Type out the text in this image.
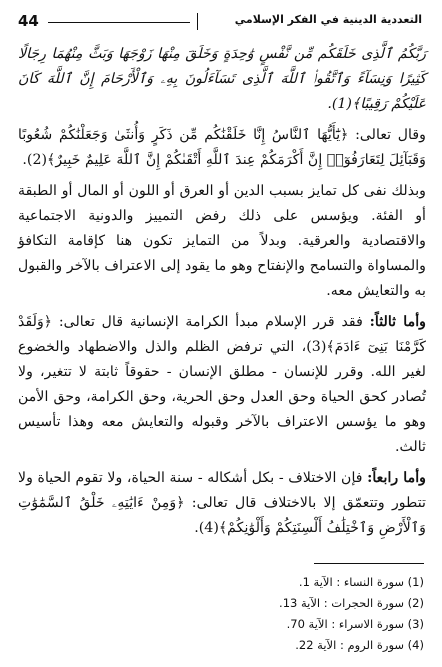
44	التعددية الدينية في الفكر الإسلامي

رَبَّكُمُ ٱلَّذِى خَلَقَكُم مِّن نَّفْسٍ وَٰحِدَةٍ وَخَلَقَ مِنْهَا زَوْجَهَا وَبَثَّ مِنْهُمَا رِجَالًا كَثِيرًا وَنِسَآءً وَٱتَّقُوا۟ ٱللَّهَ ٱلَّذِى تَسَآءَلُونَ بِهِۦ وَٱلْأَرْحَامَ إِنَّ ٱللَّهَ كَانَ عَلَيْكُمْ رَقِيبًا﴾(1).

وقال تعالى: ﴿يَٰٓأَيُّهَا ٱلنَّاسُ إِنَّا خَلَقْنَٰكُم مِّن ذَكَرٍ وَأُنثَىٰ وَجَعَلْنَٰكُمْ شُعُوبًا وَقَبَآئِلَ لِتَعَارَفُوٓا۟ إِنَّ أَكْرَمَكُمْ عِندَ ٱللَّهِ أَتْقَىٰكُمْ إِنَّ ٱللَّهَ عَلِيمٌ خَبِيرٌ﴾(2).

وبذلك نفى كل تمايز بسبب الدين أو العرق أو اللون أو المال أو الطبقة أو الفئة. ويؤسس على ذلك رفض التمييز والدونية الاجتماعية والاقتصادية والعرقية. وبدلاً من التمايز تكون هنا كإقامة التكافؤ والمساواة والتسامح والإنفتاح وهو ما يقود إلى الاعتراف بالآخر والقبول به والتعايش معه.

وأما ثالثاً: فقد قرر الإسلام مبدأ الكرامة الإنسانية قال تعالى: ﴿وَلَقَدْ كَرَّمْنَا بَنِىٓ ءَادَمَ﴾(3)، التي ترفض الظلم والذل والاضطهاد والخضوع لغير الله. وقرر للإنسان - مطلق الإنسان - حقوقاً ثابتة لا تتغير، ولا تُصادر كحق الحياة وحق العدل وحق الحرية، وحق الكرامة، وحق الأمن وهو ما يؤسس الاعتراف بالآخر وقبوله والتعايش معه وهذا تأسيس ثالث.

وأما رابعاً: فإن الاختلاف - بكل أشكاله - سنة الحياة، ولا تقوم الحياة ولا تتطور وتتعمّق إلا بالاختلاف قال تعالى: ﴿وَمِنْ ءَايَٰتِهِۦ خَلْقُ ٱلسَّمَٰوَٰتِ وَٱلْأَرْضِ وَٱخْتِلَٰفُ أَلْسِنَتِكُمْ وَأَلْوَٰنِكُمْ﴾(4).

(1) سورة النساء : الآية 1.
(2) سورة الحجرات : الآية 13.
(3) سورة الاسراء : الآية 70.
(4) سورة الروم : الآية 22.
